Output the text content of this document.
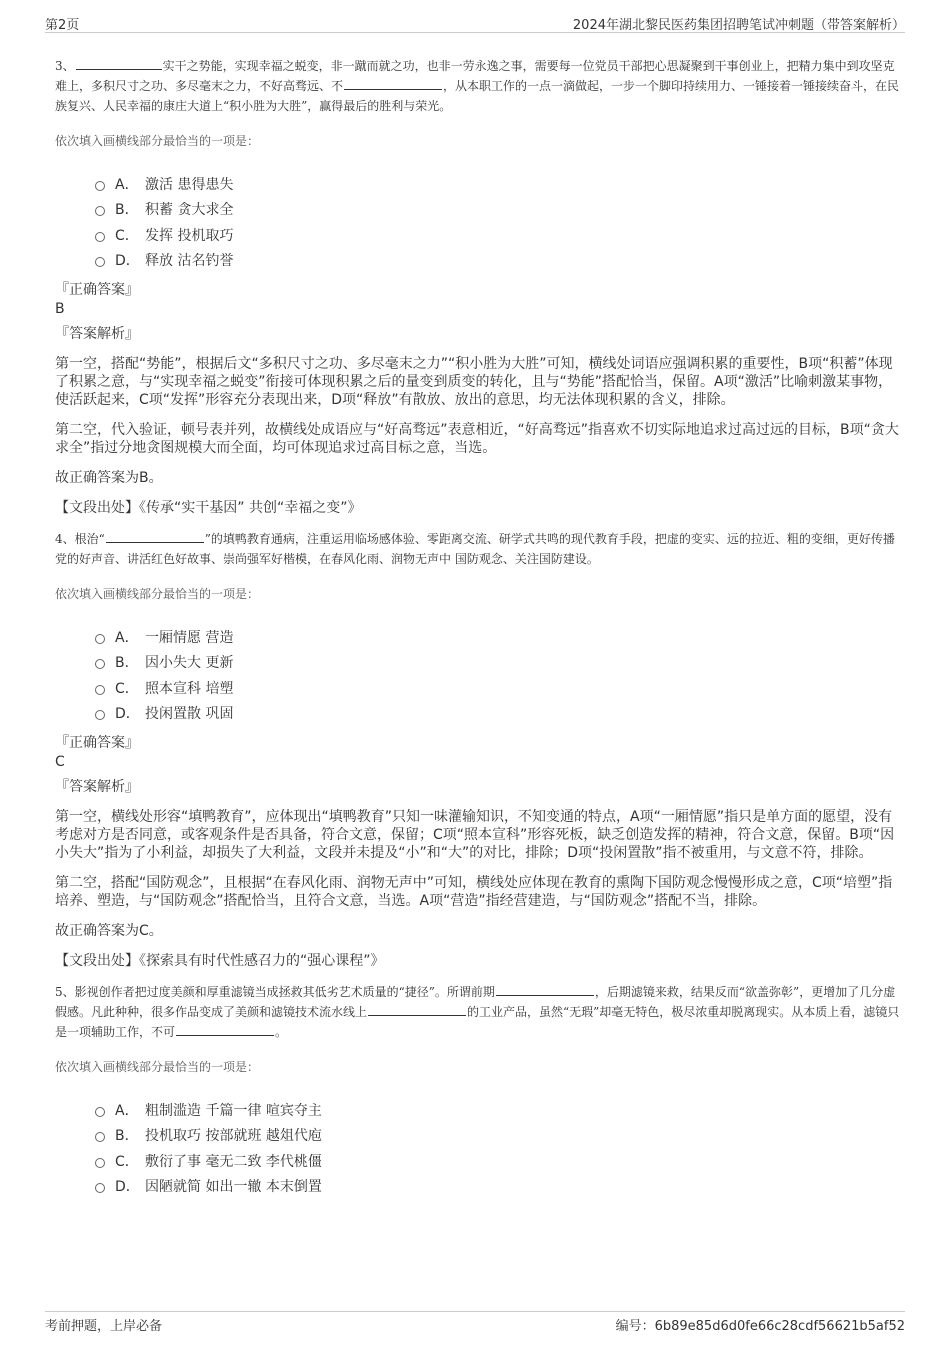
第2页	2024年湖北黎民医药集团招聘笔试冲刺题（带答案解析）

3、	实干之势能，实现幸福之蜕变，非一蹴而就之功，也非一劳永逸之事，需要每一位党员干部把心思凝聚到干事创业上，把精力集中到攻坚克难上，多积尺寸之功、多尽毫末之力，不好高骛远、不	，从本职工作的一点一滴做起，一步一个脚印持续用力、一锤接着一锤接续奋斗，在民族复兴、人民幸福的康庄大道上“积小胜为大胜”，赢得最后的胜利与荣光。

依次填入画横线部分最恰当的一项是：
A． 激活 患得患失
B． 积蓄 贪大求全
C． 发挥 投机取巧
D． 释放 沽名钓誉
『正确答案』
B
『答案解析』

第一空，搭配“势能”，根据后文“多积尺寸之功、多尽毫末之力”“积小胜为大胜”可知，横线处词语应强调积累的重要性，B项“积蓄”体现了积累之意，与“实现幸福之蜕变”衔接可体现积累之后的量变到质变的转化，且与“势能”搭配恰当，保留。A项“激活”比喻刺激某事物，使活跃起来，C项“发挥”形容充分表现出来，D项“释放”有散放、放出的意思，均无法体现积累的含义，排除。

第二空，代入验证，顿号表并列，故横线处成语应与“好高骛远”表意相近，“好高骛远”指喜欢不切实际地追求过高过远的目标，B项“贪大求全”指过分地贪图规模大而全面，均可体现追求过高目标之意，当选。

故正确答案为B。

【文段出处】《传承“实干基因” 共创“幸福之变”》

4、根治“	”的填鸭教育通病，注重运用临场感体验、零距离交流、研学式共鸣的现代教育手段，把虚的变实、远的拉近、粗的变细，更好传播党的好声音、讲活红色好故事、崇尚强军好楷模，在春风化雨、润物无声中 国防观念、关注国防建设。

依次填入画横线部分最恰当的一项是：
A． 一厢情愿 营造
B． 因小失大 更新
C． 照本宣科 培塑
D． 投闲置散 巩固
『正确答案』
C
『答案解析』

第一空，横线处形容“填鸭教育”，应体现出“填鸭教育”只知一味灌输知识，不知变通的特点，A项“一厢情愿”指只是单方面的愿望，没有考虑对方是否同意，或客观条件是否具备，符合文意，保留；C项“照本宣科”形容死板，缺乏创造发挥的精神，符合文意，保留。B项“因小失大”指为了小利益，却损失了大利益，文段并未提及“小”和“大”的对比，排除；D项“投闲置散”指不被重用，与文意不符，排除。

第二空，搭配“国防观念”，且根据“在春风化雨、润物无声中”可知，横线处应体现在教育的熏陶下国防观念慢慢形成之意，C项“培塑”指培养、塑造，与“国防观念”搭配恰当，且符合文意，当选。A项“营造”指经营建造，与“国防观念”搭配不当，排除。

故正确答案为C。

【文段出处】《探索具有时代性感召力的“强心课程”》

5、影视创作者把过度美颜和厚重滤镜当成拯救其低劣艺术质量的“捷径”。所谓前期	，后期滤镜来救，结果反而“欲盖弥彰”，更增加了几分虚假感。凡此种种，很多作品变成了美颜和滤镜技术流水线上	的工业产品，虽然“无瑕”却毫无特色，极尽浓重却脱离现实。从本质上看，滤镜只是一项辅助工作，不可	。

依次填入画横线部分最恰当的一项是：
A． 粗制滥造 千篇一律 喧宾夺主
B． 投机取巧 按部就班 越俎代庖
C． 敷衍了事 毫无二致 李代桃僵
D． 因陋就简 如出一辙 本末倒置
考前押题，上岸必备	编号：6b89e85d6d0fe66c28cdf56621b5af52
